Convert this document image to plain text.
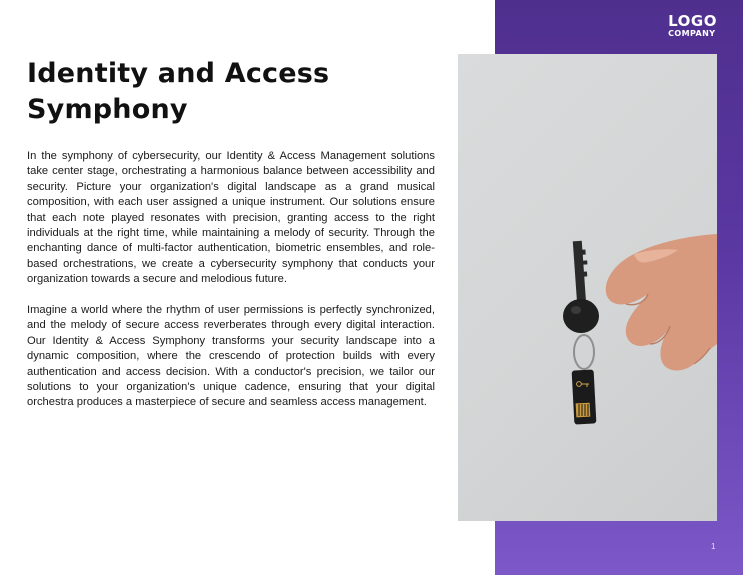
LOGO
COMPANY
Identity and Access Symphony

In the symphony of cybersecurity, our Identity & Access Management solutions take center stage, orchestrating a harmonious balance between accessibility and security. Picture your organization's digital landscape as a grand musical composition, with each user assigned a unique instrument. Our solutions ensure that each note played resonates with precision, granting access to the right individuals at the right time, while maintaining a melody of security. Through the enchanting dance of multi-factor authentication, biometric ensembles, and role-based orchestrations, we create a cybersecurity symphony that conducts your organization towards a secure and melodious future.

Imagine a world where the rhythm of user permissions is perfectly synchronized, and the melody of secure access reverberates through every digital interaction. Our Identity & Access Symphony transforms your security landscape into a dynamic composition, where the crescendo of protection builds with every authentication and access decision. With a conductor's precision, we tailor our solutions to your organization's unique cadence, ensuring that your digital orchestra produces a masterpiece of secure and seamless access management.

1
